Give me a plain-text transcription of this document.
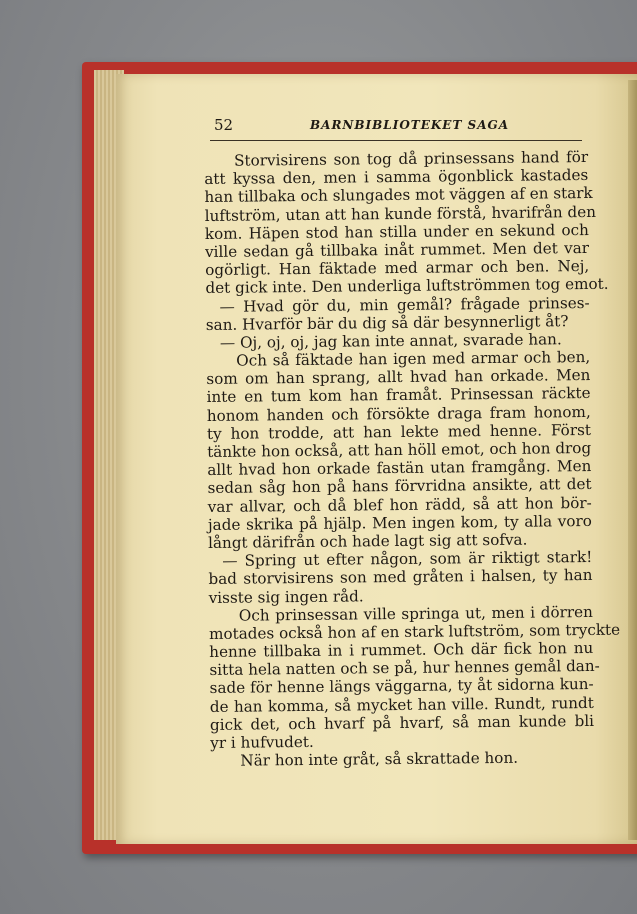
52	BARNBIBLIOTEKET SAGA
Storvisirens son tog då prinsessans hand för
att kyssa den, men i samma ögonblick kastades
han tillbaka och slungades mot väggen af en stark
luftström, utan att han kunde förstå, hvarifrån den
kom. Häpen stod han stilla under en sekund och
ville sedan gå tillbaka inåt rummet. Men det var
ogörligt. Han fäktade med armar och ben. Nej,
det gick inte. Den underliga luftströmmen tog emot.
— Hvad gör du, min gemål? frågade prinses-
san. Hvarför bär du dig så där besynnerligt åt?
— Oj, oj, oj, jag kan inte annat, svarade han.
Och så fäktade han igen med armar och ben,
som om han sprang, allt hvad han orkade. Men
inte en tum kom han framåt. Prinsessan räckte
honom handen och försökte draga fram honom,
ty hon trodde, att han lekte med henne. Först
tänkte hon också, att han höll emot, och hon drog
allt hvad hon orkade fastän utan framgång. Men
sedan såg hon på hans förvridna ansikte, att det
var allvar, och då blef hon rädd, så att hon bör-
jade skrika på hjälp. Men ingen kom, ty alla voro
långt därifrån och hade lagt sig att sofva.
— Spring ut efter någon, som är riktigt stark!
bad storvisirens son med gråten i halsen, ty han
visste sig ingen råd.
Och prinsessan ville springa ut, men i dörren
motades också hon af en stark luftström, som tryckte
henne tillbaka in i rummet. Och där fick hon nu
sitta hela natten och se på, hur hennes gemål dan-
sade för henne längs väggarna, ty åt sidorna kun-
de han komma, så mycket han ville. Rundt, rundt
gick det, och hvarf på hvarf, så man kunde bli
yr i hufvudet.
När hon inte gråt, så skrattade hon.
